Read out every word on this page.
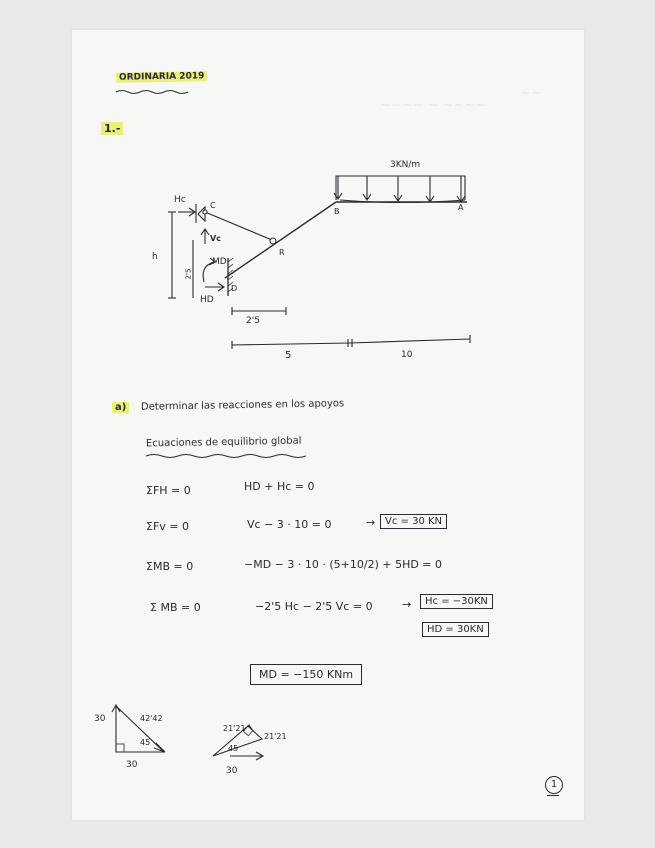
~~~~ ~ ~~~~
~~
ORDINARIA 2019
1.-
3KN/m
A
B
C
D
R
Hc
Vc
MD
HD
h
2'5
2'5
5	10
a)	Determinar las reacciones en los apoyos
Ecuaciones de equilibrio global
ΣFH = 0	HD + Hc = 0
ΣFv = 0	Vc − 3 · 10 = 0	→ Vc = 30 KN
ΣMB = 0	−MD − 3 · 10 · (5+10/2) + 5HD = 0
Σ MB = 0	−2'5 Hc − 2'5 Vc = 0	→	Hc = −30KN
HD = 30KN
MD = −150 KNm
30	42'42
45
30
21'21
21'21
45
30
1
